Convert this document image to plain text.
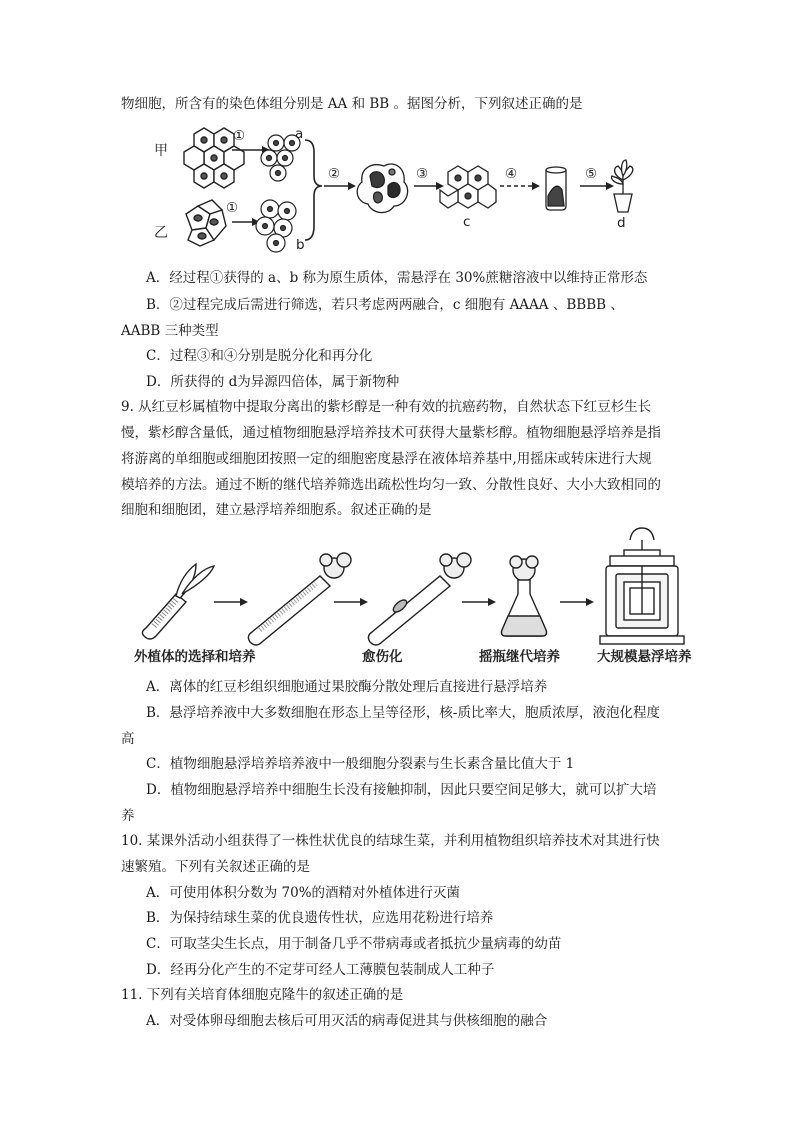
物细胞，所含有的染色体组分别是 AA 和 BB 。据图分析，下列叙述正确的是
甲
乙
①
①
a
b
②	③	④	⑤
c	d
A．经过程①获得的 a、b 称为原生质体，需悬浮在 30%蔗糖溶液中以维持正常形态
B．②过程完成后需进行筛选，若只考虑两两融合，c 细胞有 AAAA 、BBBB 、
AABB 三种类型
C．过程③和④分别是脱分化和再分化
D．所获得的 d为异源四倍体，属于新物种
9. 从红豆杉属植物中提取分离出的紫杉醇是一种有效的抗癌药物，自然状态下红豆杉生长
慢，紫杉醇含量低，通过植物细胞悬浮培养技术可获得大量紫杉醇。植物细胞悬浮培养是指
将游离的单细胞或细胞团按照一定的细胞密度悬浮在液体培养基中,用摇床或转床进行大规
模培养的方法。通过不断的继代培养筛选出疏松性均匀一致、分散性良好、大小大致相同的
细胞和细胞团，建立悬浮培养细胞系。叙述正确的是
外植体的选择和培养	愈伤化	摇瓶继代培养	大规模悬浮培养
A．离体的红豆杉组织细胞通过果胶酶分散处理后直接进行悬浮培养
B．悬浮培养液中大多数细胞在形态上呈等径形，核-质比率大，胞质浓厚，液泡化程度
高
C．植物细胞悬浮培养培养液中一般细胞分裂素与生长素含量比值大于 1
D．植物细胞悬浮培养中细胞生长没有接触抑制，因此只要空间足够大，就可以扩大培
养
10. 某课外活动小组获得了一株性状优良的结球生菜，并利用植物组织培养技术对其进行快
速繁殖。下列有关叙述正确的是
A．可使用体积分数为 70%的酒精对外植体进行灭菌
B．为保持结球生菜的优良遗传性状，应选用花粉进行培养
C．可取茎尖生长点，用于制备几乎不带病毒或者抵抗少量病毒的幼苗
D．经再分化产生的不定芽可经人工薄膜包装制成人工种子
11. 下列有关培育体细胞克隆牛的叙述正确的是
A．对受体卵母细胞去核后可用灭活的病毒促进其与供核细胞的融合
